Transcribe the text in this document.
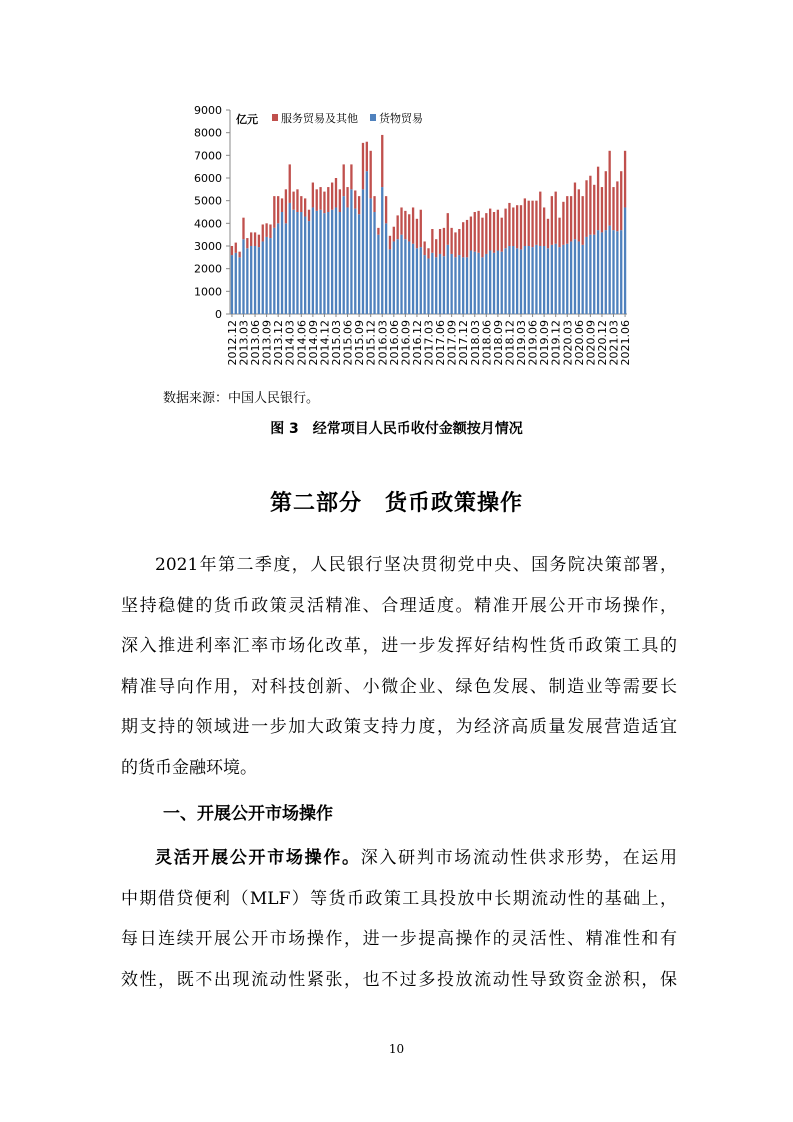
0
1000
2000
3000
4000
5000
6000
7000
8000
9000
2012.12
2013.03
2013.06
2013.09
2013.12
2014.03
2014.06
2014.09
2014.12
2015.03
2015.06
2015.09
2015.12
2016.03
2016.06
2016.09
2016.12
2017.03
2017.06
2017.09
2017.12
2018.03
2018.06
2018.09
2018.12
2019.03
2019.06
2019.09
2019.12
2020.03
2020.06
2020.09
2020.12
2021.03
2021.06
亿元 服务贸易及其他 货物贸易
数据来源：中国人民银行。
图 3　经常项目人民币收付金额按月情况
第二部分　货币政策操作
2021年第二季度，人民银行坚决贯彻党中央、国务院决策部署，
坚持稳健的货币政策灵活精准、合理适度。精准开展公开市场操作，
深入推进利率汇率市场化改革，进一步发挥好结构性货币政策工具的
精准导向作用，对科技创新、小微企业、绿色发展、制造业等需要长
期支持的领域进一步加大政策支持力度，为经济高质量发展营造适宜
的货币金融环境。
一、开展公开市场操作
灵活开展公开市场操作。深入研判市场流动性供求形势，在运用
中期借贷便利（MLF）等货币政策工具投放中长期流动性的基础上，
每日连续开展公开市场操作，进一步提高操作的灵活性、精准性和有
效性，既不出现流动性紧张，也不过多投放流动性导致资金淤积，保
10
